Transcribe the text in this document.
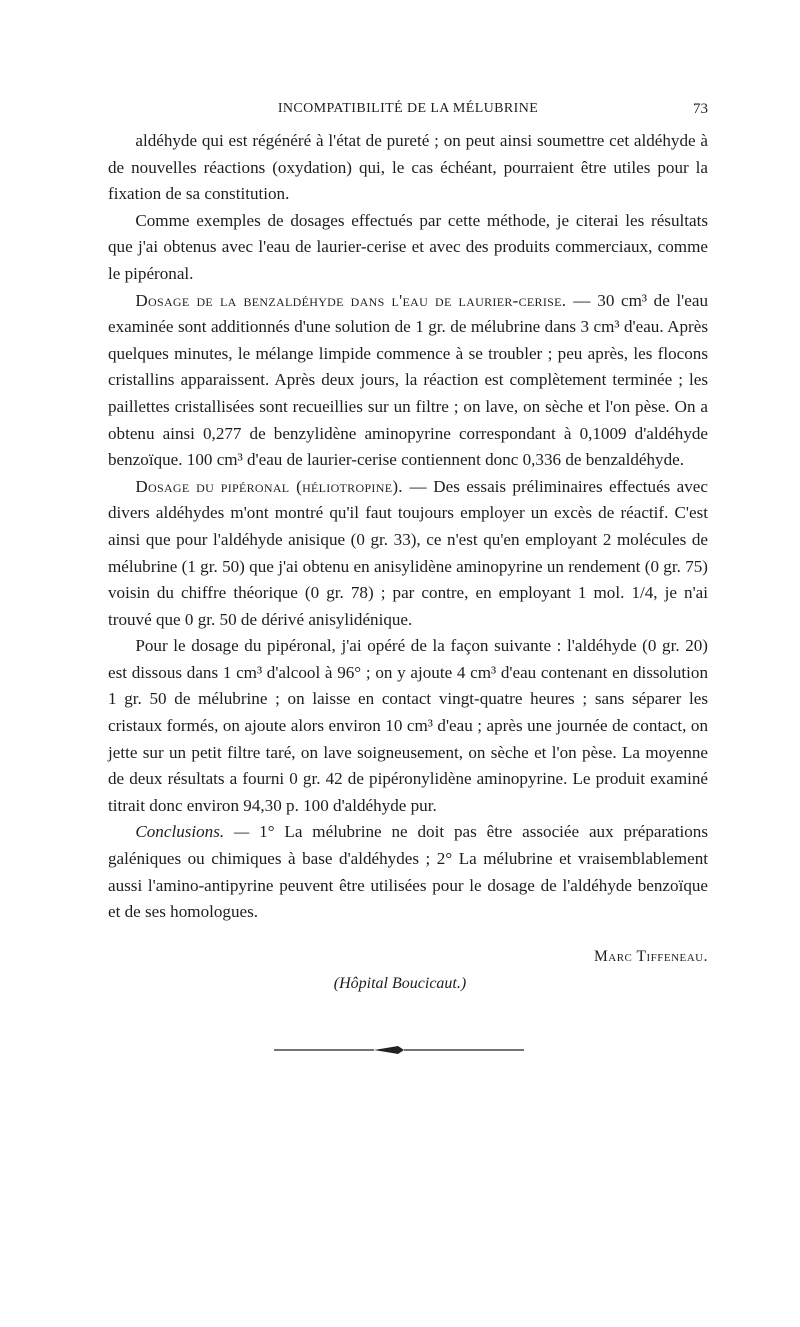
INCOMPATIBILITÉ DE LA MÉLUBRINE	73

aldéhyde qui est régénéré à l'état de pureté ; on peut ainsi soumettre cet aldéhyde à de nouvelles réactions (oxydation) qui, le cas échéant, pourraient être utiles pour la fixation de sa constitution.

Comme exemples de dosages effectués par cette méthode, je citerai les résultats que j'ai obtenus avec l'eau de laurier-cerise et avec des produits commerciaux, comme le pipéronal.

Dosage de la benzaldéhyde dans l'eau de laurier-cerise. — 30 cm³ de l'eau examinée sont additionnés d'une solution de 1 gr. de mélubrine dans 3 cm³ d'eau. Après quelques minutes, le mélange limpide commence à se troubler ; peu après, les flocons cristallins apparaissent. Après deux jours, la réaction est complètement terminée ; les paillettes cristallisées sont recueillies sur un filtre ; on lave, on sèche et l'on pèse. On a obtenu ainsi 0,277 de benzylidène aminopyrine correspondant à 0,1009 d'aldéhyde benzoïque. 100 cm³ d'eau de laurier-cerise contiennent donc 0,336 de benzaldéhyde.

Dosage du pipéronal (héliotropine). — Des essais préliminaires effectués avec divers aldéhydes m'ont montré qu'il faut toujours employer un excès de réactif. C'est ainsi que pour l'aldéhyde anisique (0 gr. 33), ce n'est qu'en employant 2 molécules de mélubrine (1 gr. 50) que j'ai obtenu en anisylidène aminopyrine un rendement (0 gr. 75) voisin du chiffre théorique (0 gr. 78) ; par contre, en employant 1 mol. 1/4, je n'ai trouvé que 0 gr. 50 de dérivé anisylidénique.

Pour le dosage du pipéronal, j'ai opéré de la façon suivante : l'aldéhyde (0 gr. 20) est dissous dans 1 cm³ d'alcool à 96° ; on y ajoute 4 cm³ d'eau contenant en dissolution 1 gr. 50 de mélubrine ; on laisse en contact vingt-quatre heures ; sans séparer les cristaux formés, on ajoute alors environ 10 cm³ d'eau ; après une journée de contact, on jette sur un petit filtre taré, on lave soigneusement, on sèche et l'on pèse. La moyenne de deux résultats a fourni 0 gr. 42 de pipéronylidène aminopyrine. Le produit examiné titrait donc environ 94,30 p. 100 d'aldéhyde pur.

Conclusions. — 1° La mélubrine ne doit pas être associée aux préparations galéniques ou chimiques à base d'aldéhydes ; 2° La mélubrine et vraisemblablement aussi l'amino-antipyrine peuvent être utilisées pour le dosage de l'aldéhyde benzoïque et de ses homologues.

Marc Tiffeneau.
(Hôpital Boucicaut.)
